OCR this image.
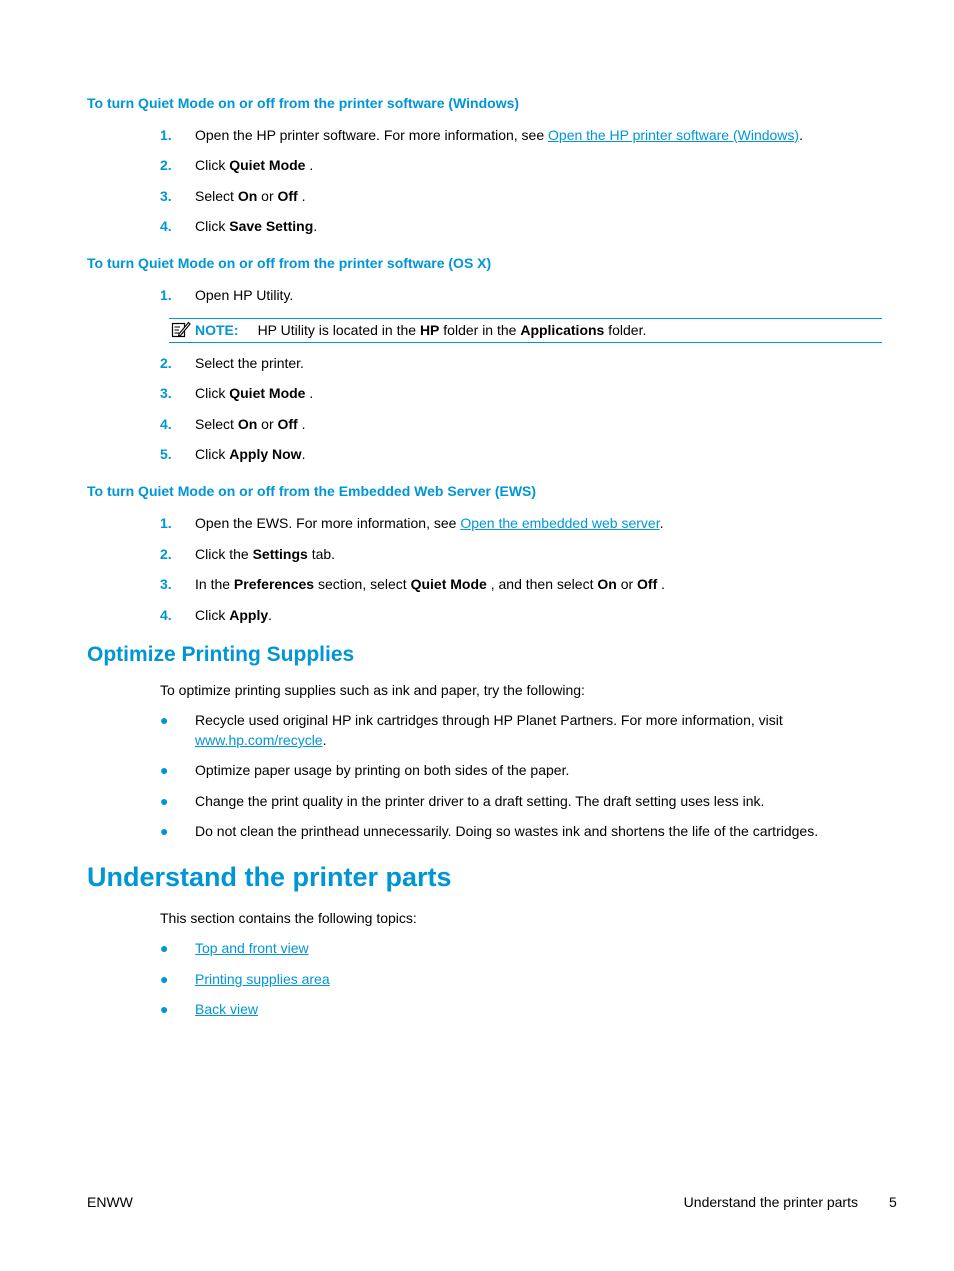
To turn Quiet Mode on or off from the printer software (Windows)
1. Open the HP printer software. For more information, see Open the HP printer software (Windows).
2. Click Quiet Mode .
3. Select On or Off .
4. Click Save Setting.
To turn Quiet Mode on or off from the printer software (OS X)
1. Open HP Utility.
NOTE: HP Utility is located in the HP folder in the Applications folder.
2. Select the printer.
3. Click Quiet Mode .
4. Select On or Off .
5. Click Apply Now.
To turn Quiet Mode on or off from the Embedded Web Server (EWS)
1. Open the EWS. For more information, see Open the embedded web server.
2. Click the Settings tab.
3. In the Preferences section, select Quiet Mode , and then select On or Off .
4. Click Apply.
Optimize Printing Supplies
To optimize printing supplies such as ink and paper, try the following:
● Recycle used original HP ink cartridges through HP Planet Partners. For more information, visit
www.hp.com/recycle.
● Optimize paper usage by printing on both sides of the paper.
● Change the print quality in the printer driver to a draft setting. The draft setting uses less ink.
● Do not clean the printhead unnecessarily. Doing so wastes ink and shortens the life of the cartridges.
Understand the printer parts
This section contains the following topics:
● Top and front view
● Printing supplies area
● Back view
ENWW	Understand the printer parts 5
